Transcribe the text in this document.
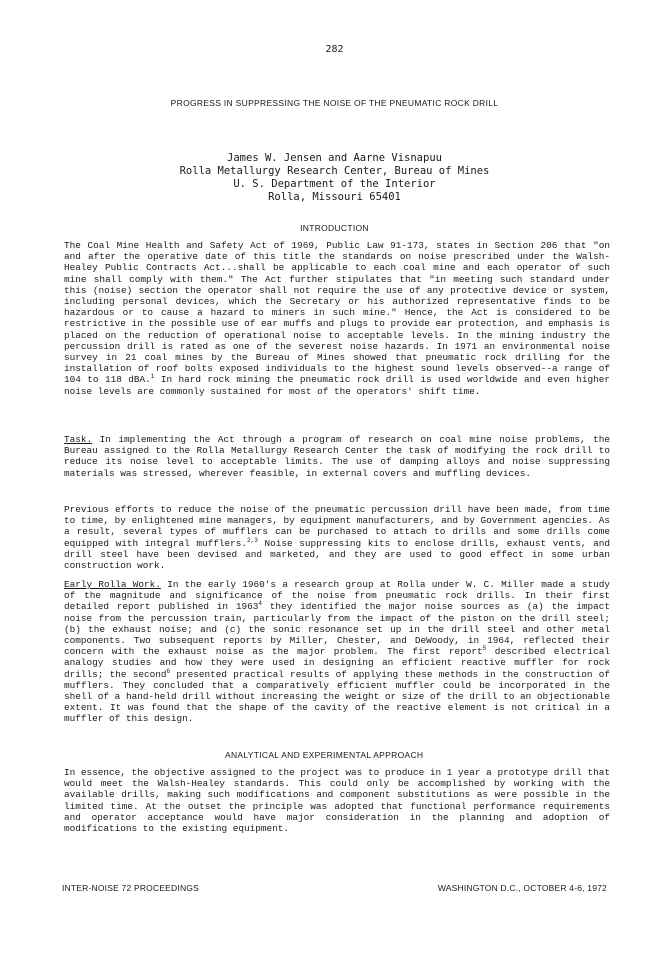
282
PROGRESS IN SUPPRESSING THE NOISE OF THE PNEUMATIC ROCK DRILL
James W. Jensen and Aarne Visnapuu
Rolla Metallurgy Research Center, Bureau of Mines
U. S. Department of the Interior
Rolla, Missouri 65401
INTRODUCTION

The Coal Mine Health and Safety Act of 1969, Public Law 91-173, states in Section 206 that "on and after the operative date of this title the standards on noise prescribed under the Walsh-Healey Public Contracts Act...shall be applicable to each coal mine and each operator of such mine shall comply with them." The Act further stipulates that "in meeting such standard under this (noise) section the operator shall not require the use of any protective device or system, including personal devices, which the Secretary or his authorized representative finds to be hazardous or to cause a hazard to miners in such mine." Hence, the Act is considered to be restrictive in the possible use of ear muffs and plugs to provide ear protection, and emphasis is placed on the reduction of operational noise to acceptable levels. In the mining industry the percussion drill is rated as one of the severest noise hazards. In 1971 an environmental noise survey in 21 coal mines by the Bureau of Mines showed that pneumatic rock drilling for the installation of roof bolts exposed individuals to the highest sound levels observed--a range of 104 to 118 dBA.$^1$ In hard rock mining the pneumatic rock drill is used worldwide and even higher noise levels are commonly sustained for most of the operators' shift time.

Task. In implementing the Act through a program of research on coal mine noise problems, the Bureau assigned to the Rolla Metallurgy Research Center the task of modifying the rock drill to reduce its noise level to acceptable limits. The use of damping alloys and noise suppressing materials was stressed, wherever feasible, in external covers and muffling devices.

Previous efforts to reduce the noise of the pneumatic percussion drill have been made, from time to time, by enlightened mine managers, by equipment manufacturers, and by Government agencies. As a result, several types of mufflers can be purchased to attach to drills and some drills come equipped with integral mufflers.$^{2,3}$ Noise suppressing kits to enclose drills, exhaust vents, and drill steel have been devised and marketed, and they are used to good effect in some urban construction work.

Early Rolla Work. In the early 1960's a research group at Rolla under W. C. Miller made a study of the magnitude and significance of the noise from pneumatic rock drills. In their first detailed report published in 1963$^4$ they identified the major noise sources as (a) the impact noise from the percussion train, particularly from the impact of the piston on the drill steel; (b) the exhaust noise; and (c) the sonic resonance set up in the drill steel and other metal components. Two subsequent reports by Miller, Chester, and DeWoody, in 1964, reflected their concern with the exhaust noise as the major problem. The first report$^5$ described electrical analogy studies and how they were used in designing an efficient reactive muffler for rock drills; the second$^6$ presented practical results of applying these methods in the construction of mufflers. They concluded that a comparatively efficient muffler could be incorporated in the shell of a hand-held drill without increasing the weight or size of the drill to an objectionable extent. It was found that the shape of the cavity of the reactive element is not critical in a muffler of this design.

ANALYTICAL AND EXPERIMENTAL APPROACH

In essence, the objective assigned to the project was to produce in 1 year a prototype drill that would meet the Walsh-Healey standards. This could only be accomplished by working with the available drills, making such modifications and component substitutions as were possible in the limited time. At the outset the principle was adopted that functional performance requirements and operator acceptance would have major consideration in the planning and adoption of modifications to the existing equipment.

INTER-NOISE 72 PROCEEDINGS	WASHINGTON D.C., OCTOBER 4-6, 1972
